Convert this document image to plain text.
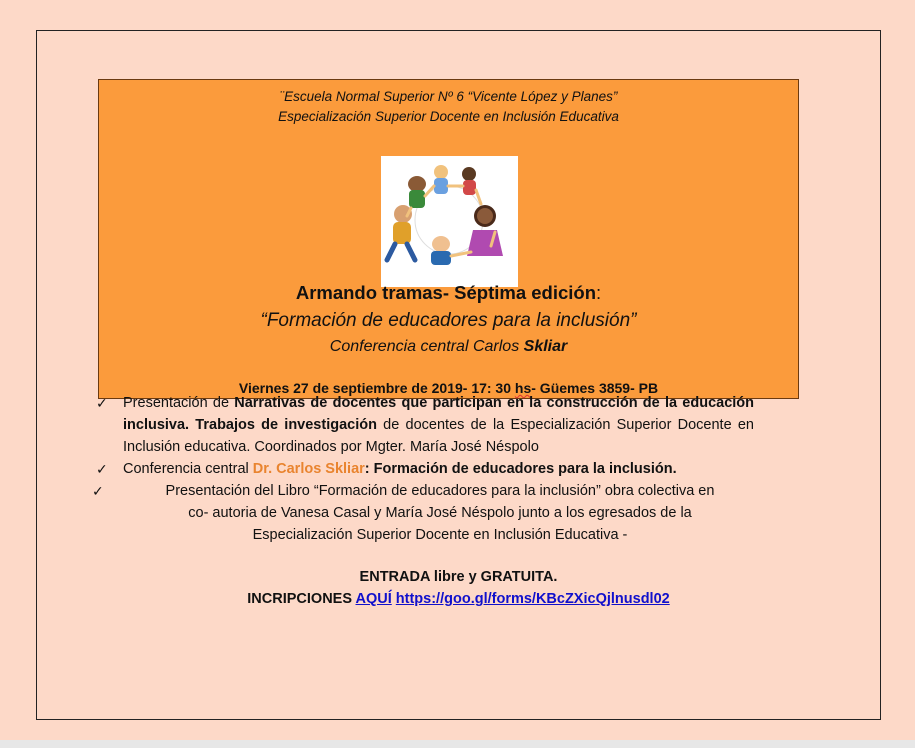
¨Escuela Normal Superior Nº 6 “Vicente López y Planes”
Especialización Superior Docente en Inclusión Educativa
Armando tramas- Séptima edición:
“Formación de educadores para la inclusión”
Conferencia central Carlos Skliar
Viernes 27 de septiembre de 2019- 17: 30 hs- Güemes 3859- PB
✓ Presentación de Narrativas de docentes que participan en la construcción de la educación inclusiva. Trabajos de investigación de docentes de la Especialización Superior Docente en Inclusión educativa. Coordinados por Mgter. María José Néspolo
✓ Conferencia central Dr. Carlos Skliar: Formación de educadores para la inclusión.
✓	Presentación del Libro “Formación de educadores para la inclusión” obra colectiva en
co- autoria de Vanesa Casal y María José Néspolo junto a los egresados de la
Especialización Superior Docente en Inclusión Educativa -
ENTRADA libre y GRATUITA.
INCRIPCIONES AQUÍ https://goo.gl/forms/KBcZXicQjlnusdl02
